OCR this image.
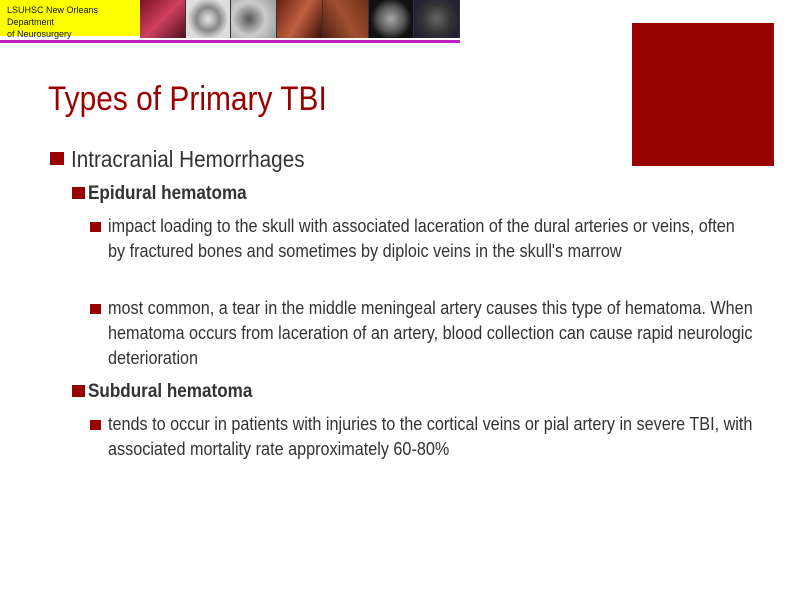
LSUHSC New Orleans Department
of Neurosurgery
Types of Primary TBI
Intracranial Hemorrhages
Epidural hematoma
impact loading to the skull with associated laceration of the dural arteries or veins, often by fractured bones and sometimes by diploic veins in the skull's marrow
most common, a tear in the middle meningeal artery causes this type of hematoma. When hematoma occurs from laceration of an artery, blood collection can cause rapid neurologic deterioration
Subdural hematoma
tends to occur in patients with injuries to the cortical veins or pial artery in severe TBI, with associated mortality rate approximately 60-80%
